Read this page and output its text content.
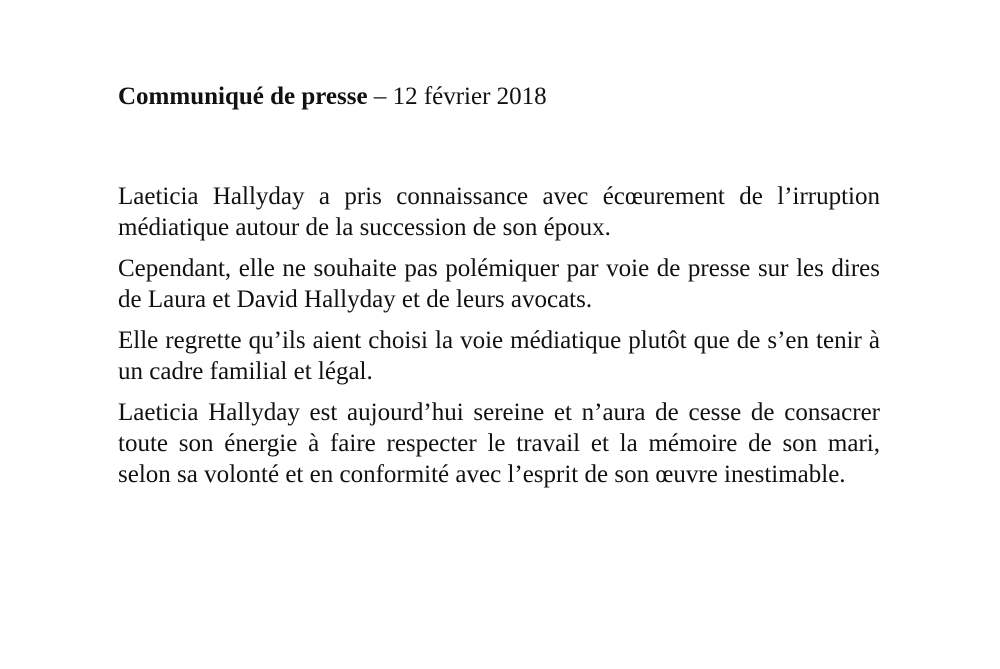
Communiqué de presse – 12 février 2018

Laeticia Hallyday a pris connaissance avec écœurement de l’irruption médiatique autour de la succession de son époux.

Cependant, elle ne souhaite pas polémiquer par voie de presse sur les dires de Laura et David Hallyday et de leurs avocats.

Elle regrette qu’ils aient choisi la voie médiatique plutôt que de s’en tenir à un cadre familial et légal.

Laeticia Hallyday est aujourd’hui sereine et n’aura de cesse de consacrer toute son énergie à faire respecter le travail et la mémoire de son mari, selon sa volonté et en conformité avec l’esprit de son œuvre inestimable.
